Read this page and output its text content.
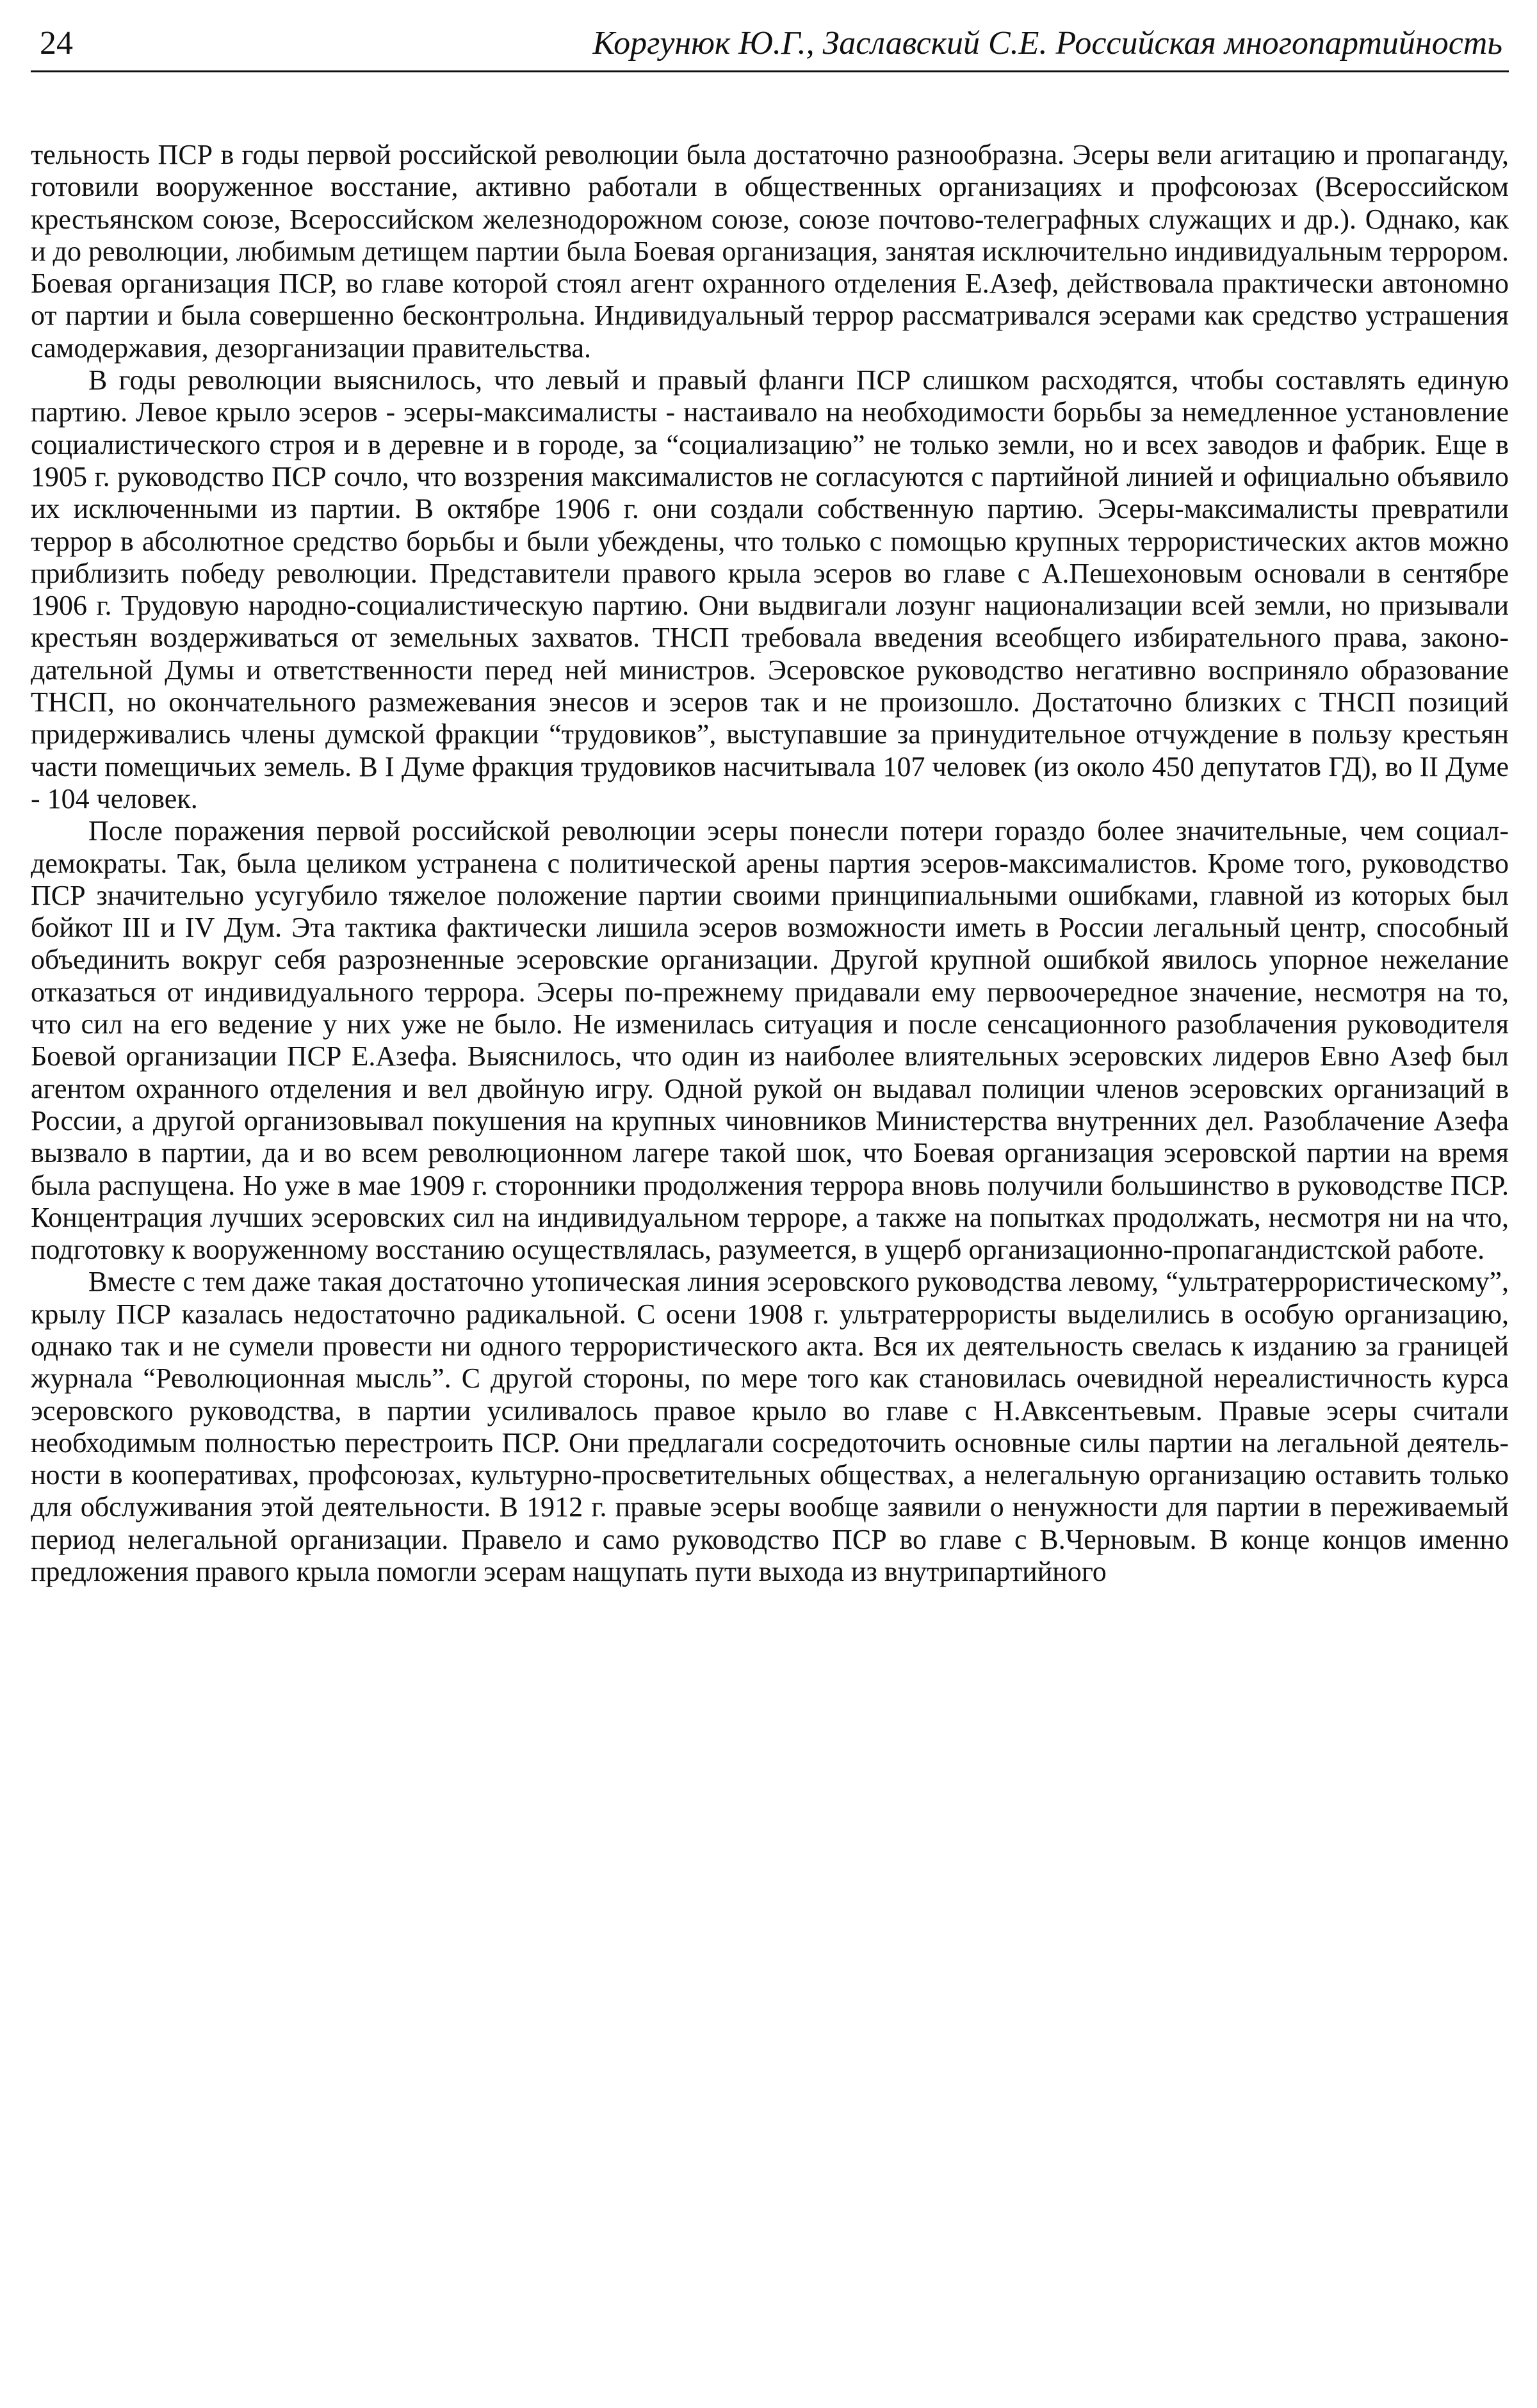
24	Коргунюк Ю.Г., Заславский С.Е. Российская многопартийность

тельность ПСР в годы первой российской революции была достаточно разнообразна. Эсеры вели агитацию и пропаганду, готовили вооруженное восстание, активно работали в общественных организациях и профсоюзах (Всероссийском крестьянском союзе, Всероссийском железнодорожном союзе, союзе почтово-телеграфных служащих и др.). Однако, как и до революции, любимым детищем партии была Боевая организация, занятая исключительно индивидуальным террором. Боевая организация ПСР, во главе которой стоял агент охранного отделения Е.Азеф, действовала практически автономно от партии и была совершенно бесконтрольна. Индивидуальный террор рассматривался эсерами как средство устрашения самодержавия, дезорганизации правительства.

В годы революции выяснилось, что левый и правый фланги ПСР слишком расходятся, чтобы составлять единую партию. Левое крыло эсеров - эсеры-максималисты - настаивало на необходимости борьбы за немедленное установление социалистического строя и в деревне и в городе, за “социализацию” не только земли, но и всех заводов и фабрик. Еще в 1905 г. руководство ПСР сочло, что воззрения максималистов не согласуются с партийной линией и официально объявило их исключенными из партии. В октябре 1906 г. они создали собственную партию. Эсеры-максималисты превратили террор в абсолютное средство борьбы и были убеждены, что только с помощью крупных террористических актов можно приблизить победу революции. Представители правого крыла эсеров во главе с А.Пешехоновым основали в сентябре 1906 г. Трудовую народно-социалистическую партию. Они выдвигали лозунг национализации всей земли, но призывали крестьян воздерживаться от земельных захватов. ТНСП требовала введения всеобщего избирательного права, законодательной Думы и ответственности перед ней министров. Эсеровское руководство негативно восприняло образование ТНСП, но окончательного размежевания энесов и эсеров так и не произошло. Достаточно близких с ТНСП позиций придерживались члены думской фракции “трудовиков”, выступавшие за принудительное отчуждение в пользу крестьян части помещичьих земель. В I Думе фракция трудовиков насчитывала 107 человек (из около 450 депутатов ГД), во II Думе - 104 человек.

После поражения первой российской революции эсеры понесли потери гораздо более значительные, чем социал-демократы. Так, была целиком устранена с политической арены партия эсеров-максималистов. Кроме того, руководство ПСР значительно усугубило тяжелое положение партии своими принципиальными ошибками, главной из которых был бойкот III и IV Дум. Эта тактика фактически лишила эсеров возможности иметь в России легальный центр, способный объединить вокруг себя разрозненные эсеровские организации. Другой крупной ошибкой явилось упорное нежелание отказаться от индивидуального террора. Эсеры по-прежнему придавали ему первоочередное значение, несмотря на то, что сил на его ведение у них уже не было. Не изменилась ситуация и после сенсационного разоблачения руководителя Боевой организации ПСР Е.Азефа. Выяснилось, что один из наиболее влиятельных эсеровских лидеров Евно Азеф был агентом охранного отделения и вел двойную игру. Одной рукой он выдавал полиции членов эсеровских организаций в России, а другой организовывал покушения на крупных чиновников Министерства внутренних дел. Разоблачение Азефа вызвало в партии, да и во всем революционном лагере такой шок, что Боевая организация эсеровской партии на время была распущена. Но уже в мае 1909 г. сторонники продолжения террора вновь получили большинство в руководстве ПСР. Концентрация лучших эсеровских сил на индивидуальном терроре, а также на попытках продолжать, несмотря ни на что, подготовку к вооруженному восстанию осуществлялась, разумеется, в ущерб организационно-пропагандистской работе.

Вместе с тем даже такая достаточно утопическая линия эсеровского руководства левому, “ультратеррористическому”, крылу ПСР казалась недостаточно радикальной. С осени 1908 г. ультратеррористы выделились в особую организацию, однако так и не сумели провести ни одного террористического акта. Вся их деятельность свелась к изданию за границей журнала “Революционная мысль”. С другой стороны, по мере того как становилась очевидной нереалистичность курса эсеровского руководства, в партии усиливалось правое крыло во главе с Н.Авксентьевым. Правые эсеры считали необходимым полностью перестроить ПСР. Они предлагали сосредоточить основные силы партии на легальной деятельности в кооперативах, профсоюзах, культурно-просветительных обществах, а нелегальную организацию оставить только для обслуживания этой деятельности. В 1912 г. правые эсеры вообще заявили о ненужности для партии в переживаемый период нелегальной организации. Правело и само руководство ПСР во главе с В.Черновым. В конце концов именно предложения правого крыла помогли эсерам нащупать пути выхода из внутрипартийного
